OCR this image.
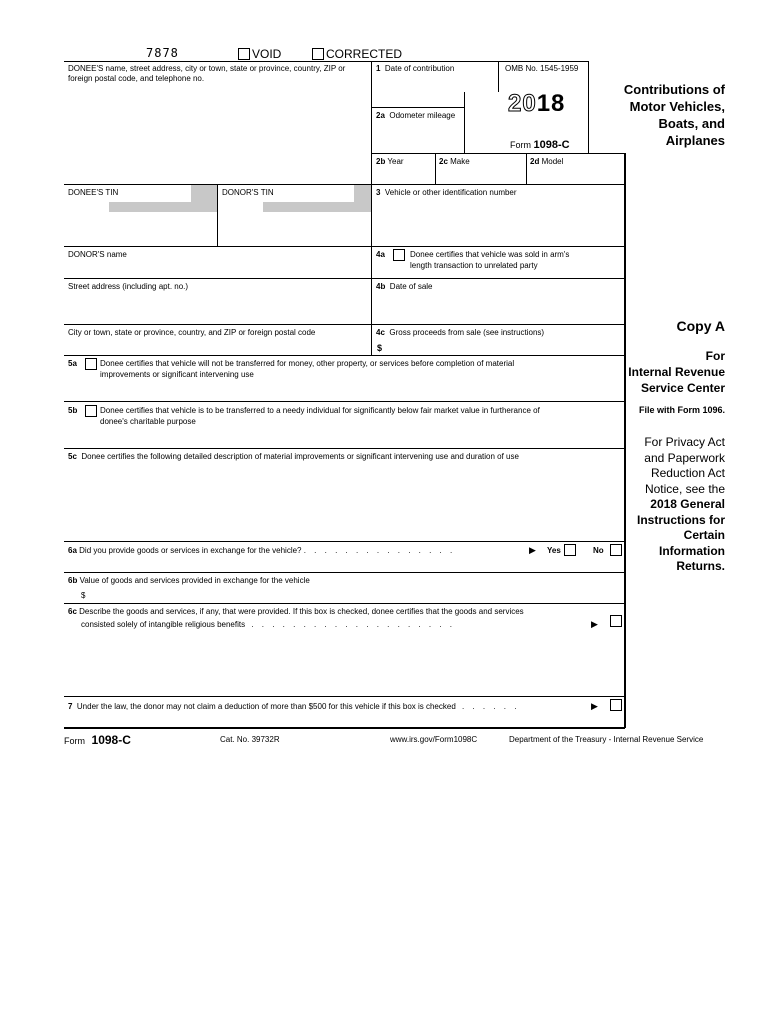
7878	VOID	CORRECTED
DONEE'S name, street address, city or town, state or province, country, ZIP or foreign postal code, and telephone no.
1 Date of contribution	OMB No. 1545-1959
2018
Form 1098-C
2a Odometer mileage
Contributions of
Motor Vehicles,
Boats, and
Airplanes
2b Year	2c Make	2d Model
DONEE'S TIN	DONOR'S TIN	3 Vehicle or other identification number
DONOR'S name	4a	Donee certifies that vehicle was sold in arm's
length transaction to unrelated party
Street address (including apt. no.)	4b Date of sale
City or town, state or province, country, and ZIP or foreign postal code	4c Gross proceeds from sale (see instructions)
$
5a	Donee certifies that vehicle will not be transferred for money, other property, or services before completion of material
improvements or significant intervening use
5b	Donee certifies that vehicle is to be transferred to a needy individual for significantly below fair market value in furtherance of
donee's charitable purpose
5c Donee certifies the following detailed description of material improvements or significant intervening use and duration of use
6a Did you provide goods or services in exchange for the vehicle? . . . . . . . . . . . . . . .	▶ Yes	No
6b Value of goods and services provided in exchange for the vehicle
$
6c Describe the goods and services, if any, that were provided. If this box is checked, donee certifies that the goods and services
consisted solely of intangible religious benefits . . . . . . . . . . . . . . . . . . . .	▶
7 Under the law, the donor may not claim a deduction of more than $500 for this vehicle if this box is checked . . . . . .	▶
Copy A
For
Internal Revenue
Service Center
File with Form 1096.
For Privacy Act
and Paperwork
Reduction Act
Notice, see the
2018 General
Instructions for
Certain
Information
Returns.
Form 1098-C	Cat. No. 39732R	www.irs.gov/Form1098C	Department of the Treasury - Internal Revenue Service
